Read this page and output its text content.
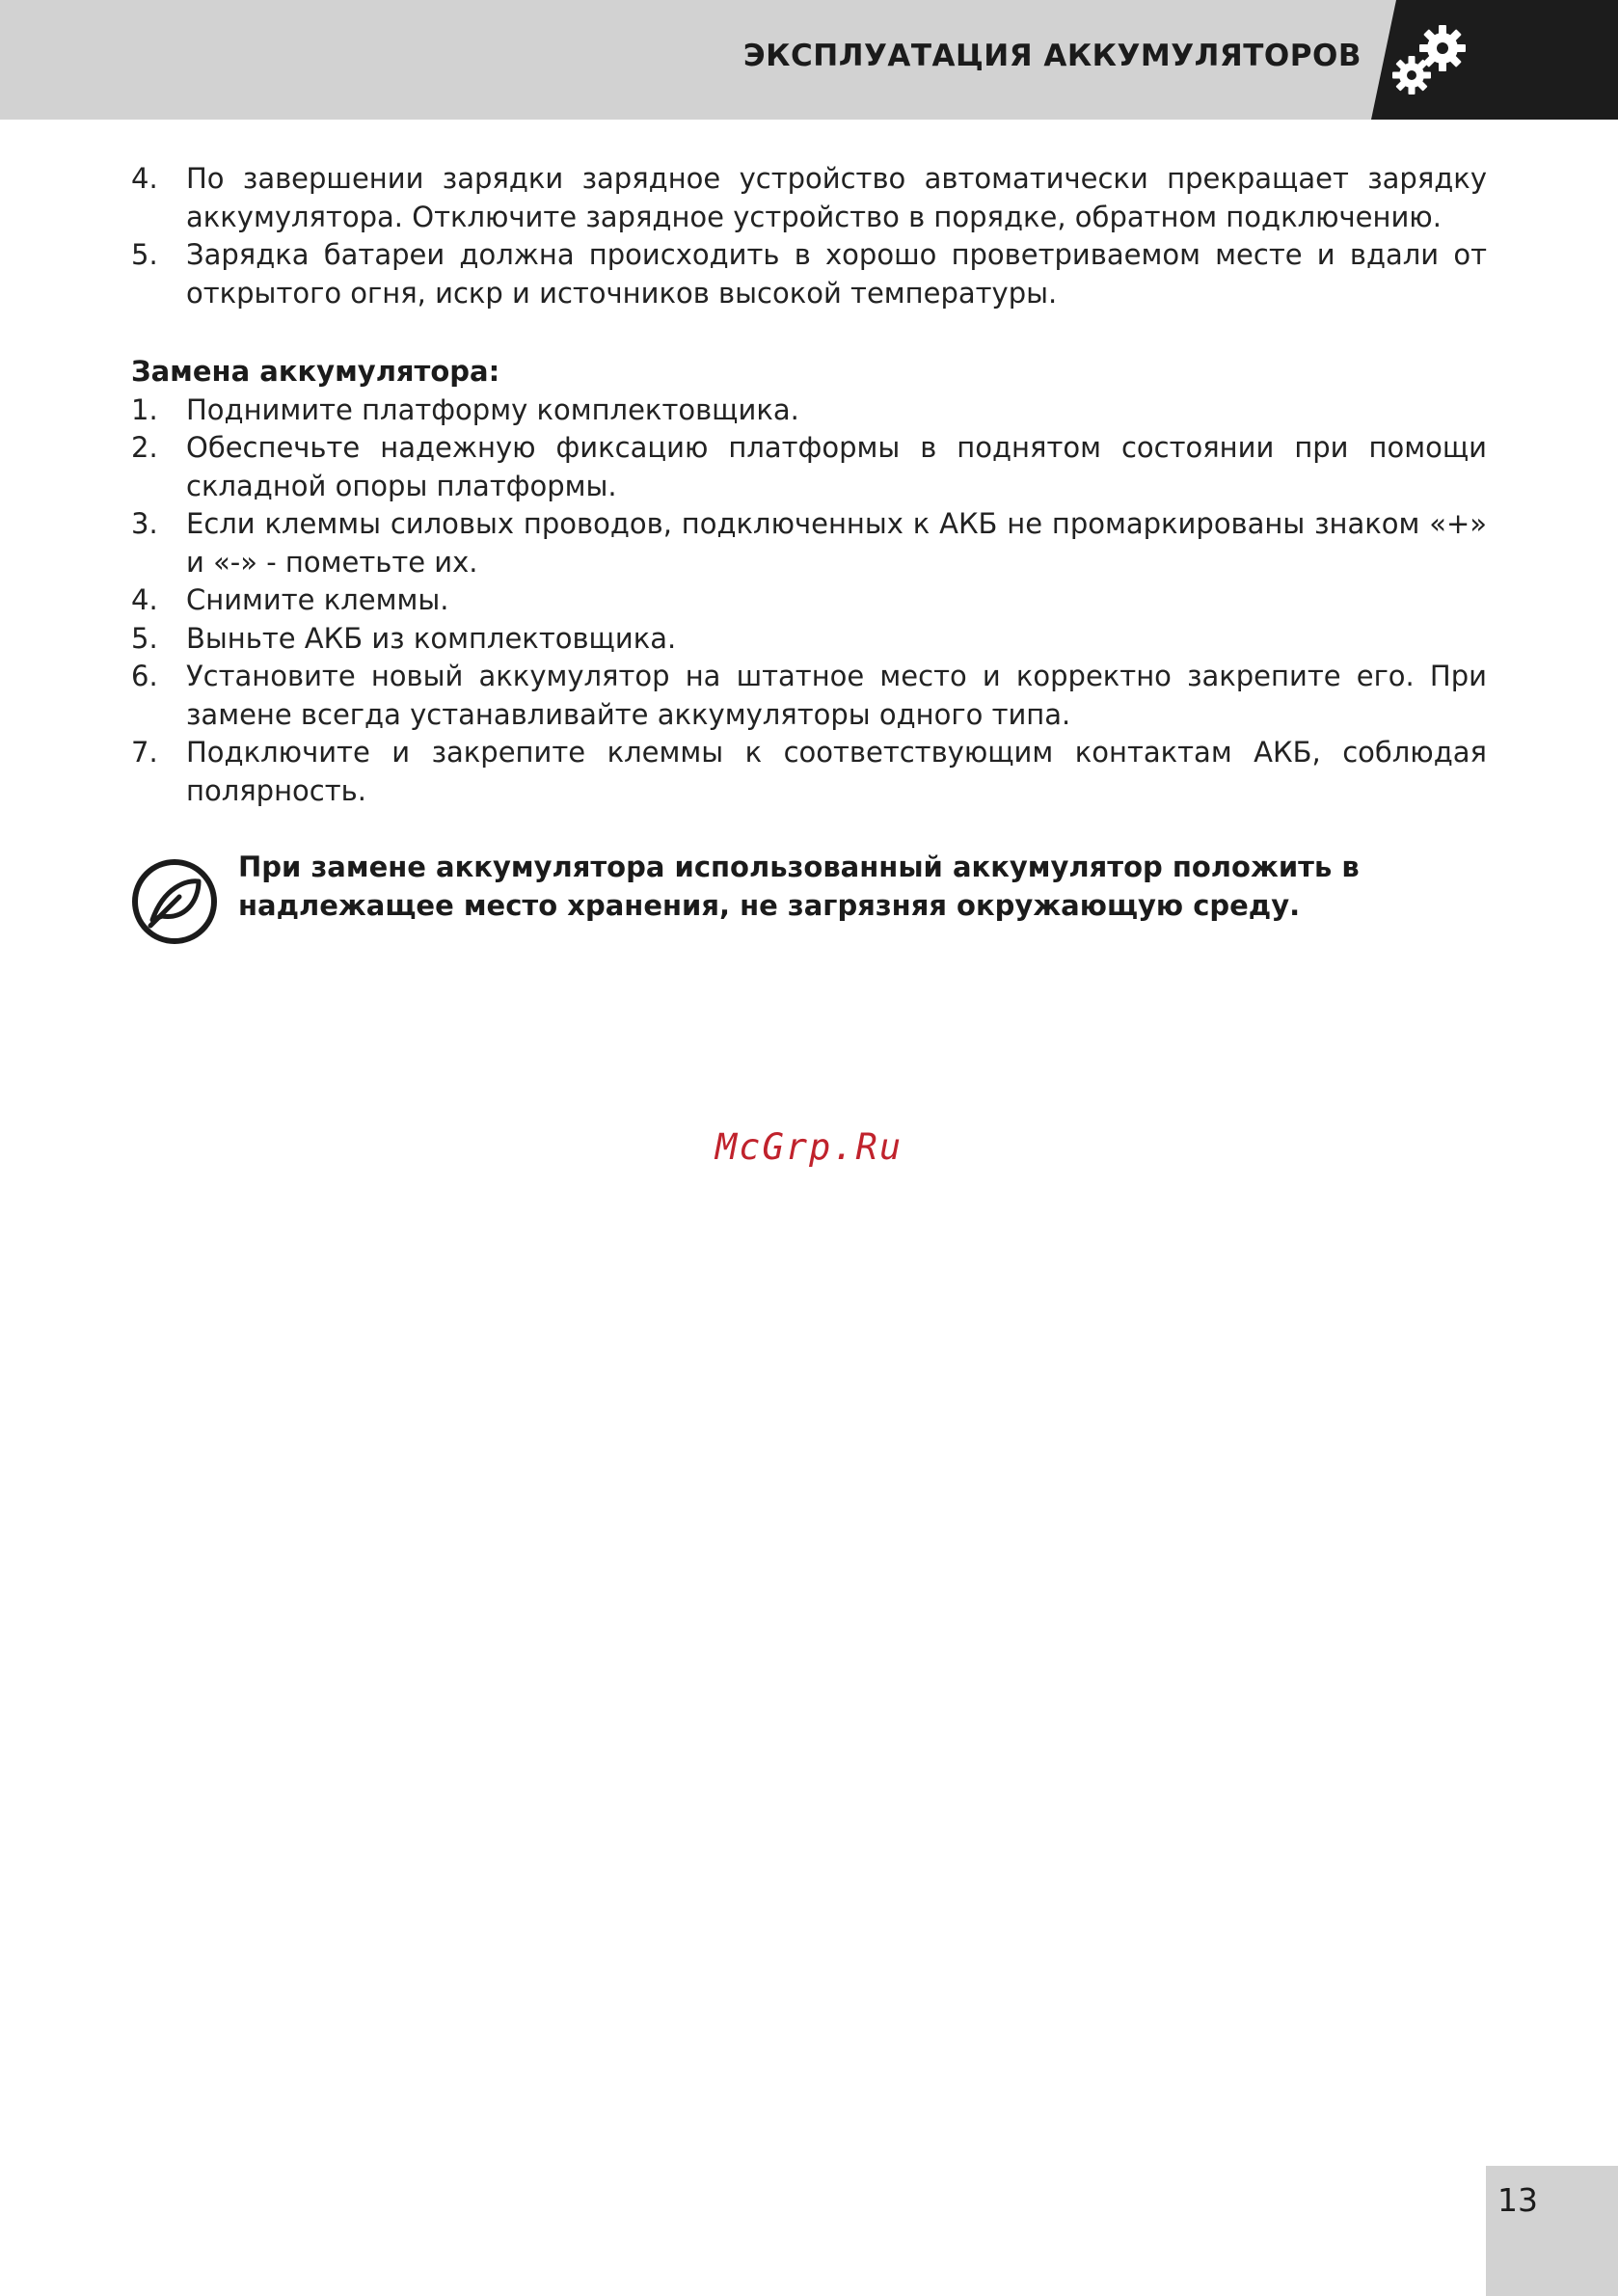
ЭКСПЛУАТАЦИЯ АККУМУЛЯТОРОВ
4. По завершении зарядки зарядное устройство автоматически прекращает зарядку аккумулятора. Отключите зарядное устройство в порядке, обратном подключению.
5. Зарядка батареи должна происходить в хорошо проветриваемом месте и вдали от открытого огня, искр и источников высокой температуры.
Замена аккумулятора:
1. Поднимите платформу комплектовщика.
2. Обеспечьте надежную фиксацию платформы в поднятом состоянии при помощи складной опоры платформы.
3. Если клеммы силовых проводов, подключенных к АКБ не промаркированы знаком «+» и «-» - пометьте их.
4. Снимите клеммы.
5. Выньте АКБ из комплектовщика.
6. Установите новый аккумулятор на штатное место и корректно закрепите его. При замене всегда устанавливайте аккумуляторы одного типа.
7. Подключите и закрепите клеммы к соответствующим контактам АКБ, соблюдая полярность.
При замене аккумулятора использованный аккумулятор положить в надлежащее место хранения, не загрязняя окружающую среду.
McGrp.Ru
13
